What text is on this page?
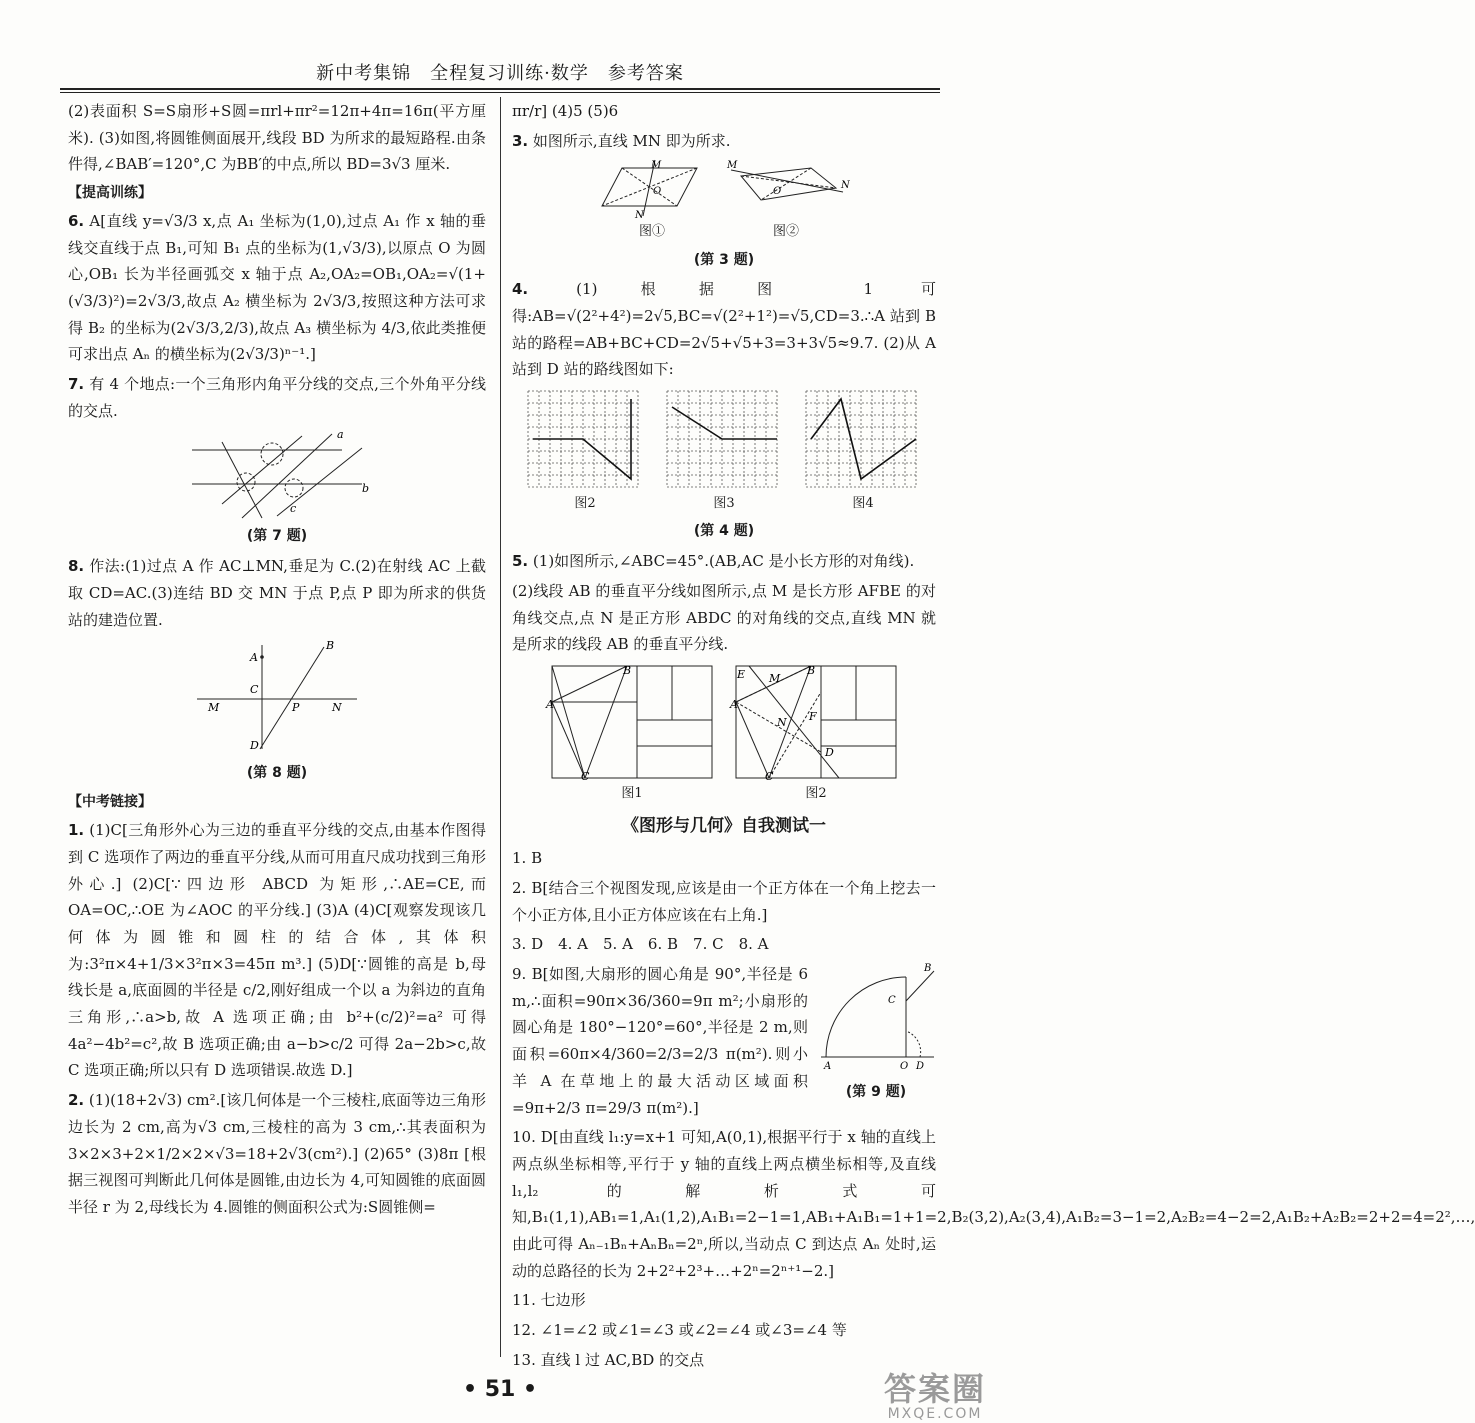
新中考集锦　全程复习训练·数学　参考答案

(2)表面积 S=S扇形+S圆=πrl+πr²=12π+4π=16π(平方厘米). (3)如图,将圆锥侧面展开,线段 BD 为所求的最短路程.由条件得,∠BAB′=120°,C 为BB′的中点,所以 BD=3√3 厘米.

【提高训练】

6. A[直线 y=√3/3 x,点 A₁ 坐标为(1,0),过点 A₁ 作 x 轴的垂线交直线于点 B₁,可知 B₁ 点的坐标为(1,√3/3),以原点 O 为圆心,OB₁ 长为半径画弧交 x 轴于点 A₂,OA₂=OB₁,OA₂=√(1+(√3/3)²)=2√3/3,故点 A₂ 横坐标为 2√3/3,按照这种方法可求得 B₂ 的坐标为(2√3/3,2/3),故点 A₃ 横坐标为 4/3,依此类推便可求出点 Aₙ 的横坐标为(2√3/3)ⁿ⁻¹.]

7. 有 4 个地点:一个三角形内角平分线的交点,三个外角平分线的交点.

a
b
c
(第 7 题)

8. 作法:(1)过点 A 作 AC⊥MN,垂足为 C.(2)在射线 AC 上截取 CD=AC.(3)连结 BD 交 MN 于点 P,点 P 即为所求的供货站的建造位置.

A
B
C
M	P	N
D
(第 8 题)
【中考链接】

1. (1)C[三角形外心为三边的垂直平分线的交点,由基本作图得到 C 选项作了两边的垂直平分线,从而可用直尺成功找到三角形外心.] (2)C[∵四边形 ABCD 为矩形,∴AE=CE,而 OA=OC,∴OE 为∠AOC 的平分线.] (3)A (4)C[观察发现该几何体为圆锥和圆柱的结合体,其体积为:3²π×4+1/3×3²π×3=45π m³.] (5)D[∵圆锥的高是 b,母线长是 a,底面圆的半径是 c/2,刚好组成一个以 a 为斜边的直角三角形,∴a>b,故 A 选项正确;由 b²+(c/2)²=a² 可得 4a²−4b²=c²,故 B 选项正确;由 a−b>c/2 可得 2a−2b>c,故 C 选项正确;所以只有 D 选项错误.故选 D.]

2. (1)(18+2√3) cm².[该几何体是一个三棱柱,底面等边三角形边长为 2 cm,高为√3 cm,三棱柱的高为 3 cm,∴其表面积为 3×2×3+2×1/2×2×√3=18+2√3(cm²).] (2)65° (3)8π [根据三视图可判断此几何体是圆锥,由边长为 4,可知圆锥的底面圆半径 r 为 2,母线长为 4.圆锥的侧面积公式为:S圆锥侧=

πr/r] (4)5 (5)6

3. 如图所示,直线 MN 即为所求.

M
O
N
图①
M
O
N
图②
(第 3 题)

4.	(1)根据图 1 可得:AB=√(2²+4²)=2√5,BC=√(2²+1²)=√5,CD=3.∴A 站到 B 站的路程=AB+BC+CD=2√5+√5+3=3+3√5≈9.7. (2)从 A 站到 D 站的路线图如下:

图2	图3	图4
(第 4 题)

5. (1)如图所示,∠ABC=45°.(AB,AC 是小长方形的对角线).

(2)线段 AB 的垂直平分线如图所示,点 M 是长方形 AFBE 的对角线交点,点 N 是正方形 ABDC 的对角线的交点,直线 MN 就是所求的线段 AB 的垂直平分线.

B
A
C
图1
E M
B
A
F
N
D
C
图2
《图形与几何》自我测试一

1. B

2. B[结合三个视图发现,应该是由一个正方体在一个角上挖去一个小正方体,且小正方体应该在右上角.]

3. D　4. A　5. A　6. B　7. C　8. A

9. B[如图,大扇形的圆心角是 90°,半径是 6 m,∴面积=90π×36/360=9π m²;小扇形的圆心角是 180°−120°=60°,半径是 2 m,则面积=60π×4/360=2/3=2/3 π(m²).则小羊 A 在草地上的最大活动区域面积=9π+2/3 π=29/3 π(m²).]

B
C
A	O D
(第 9 题)

10. D[由直线 l₁:y=x+1 可知,A(0,1),根据平行于 x 轴的直线上两点纵坐标相等,平行于 y 轴的直线上两点横坐标相等,及直线 l₁,l₂ 的解析式可知,B₁(1,1),AB₁=1,A₁(1,2),A₁B₁=2−1=1,AB₁+A₁B₁=1+1=2,B₂(3,2),A₂(3,4),A₁B₂=3−1=2,A₂B₂=4−2=2,A₁B₂+A₂B₂=2+2=4=2²,…,由此可得 Aₙ₋₁Bₙ+AₙBₙ=2ⁿ,所以,当动点 C 到达点 Aₙ 处时,运动的总路径的长为 2+2²+2³+…+2ⁿ=2ⁿ⁺¹−2.]

11. 七边形

12. ∠1=∠2 或∠1=∠3 或∠2=∠4 或∠3=∠4 等

13. 直线 l 过 AC,BD 的交点

• 51 •	答案圈
MXQE.COM
